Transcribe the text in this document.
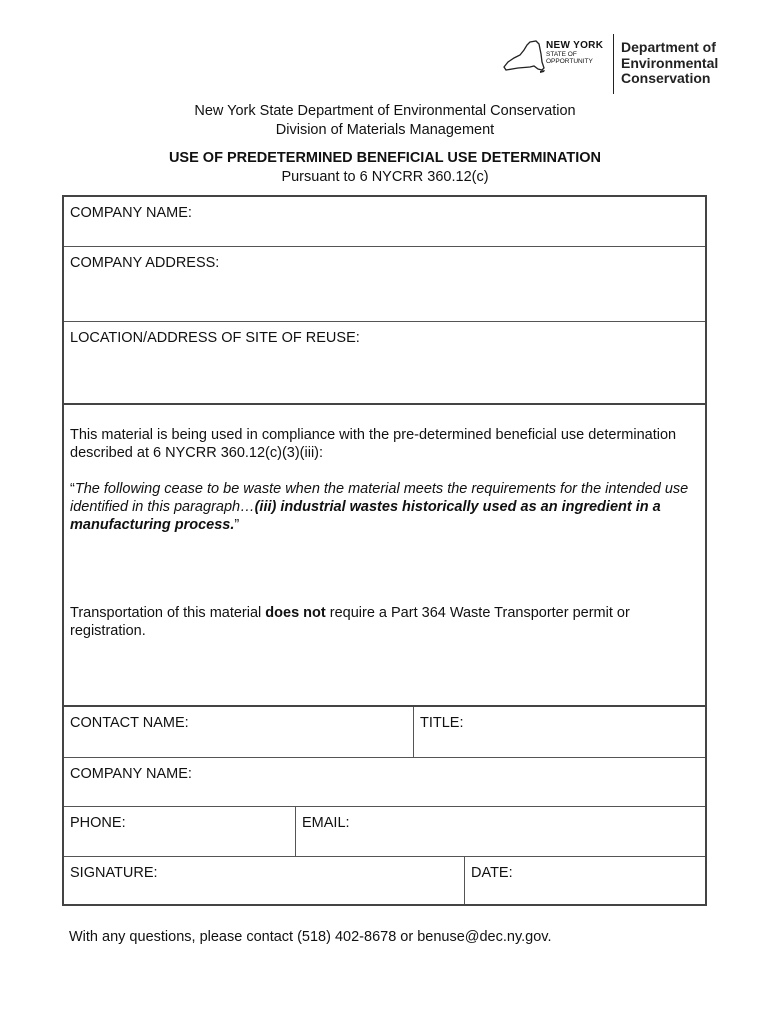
NEW YORK
STATE OF
OPPORTUNITY
Department of
Environmental
Conservation
New York State Department of Environmental Conservation
Division of Materials Management
USE OF PREDETERMINED BENEFICIAL USE DETERMINATION
Pursuant to 6 NYCRR 360.12(c)
COMPANY NAME:
COMPANY ADDRESS:
LOCATION/ADDRESS OF SITE OF REUSE:
This material is being used in compliance with the pre-determined beneficial use determination described at 6 NYCRR 360.12(c)(3)(iii):
“The following cease to be waste when the material meets the requirements for the intended use identified in this paragraph…(iii) industrial wastes historically used as an ingredient in a manufacturing process.”
Transportation of this material does not require a Part 364 Waste Transporter permit or registration.
CONTACT NAME:	TITLE:
COMPANY NAME:
PHONE:	EMAIL:
SIGNATURE:	DATE:
With any questions, please contact (518) 402-8678 or benuse@dec.ny.gov.
